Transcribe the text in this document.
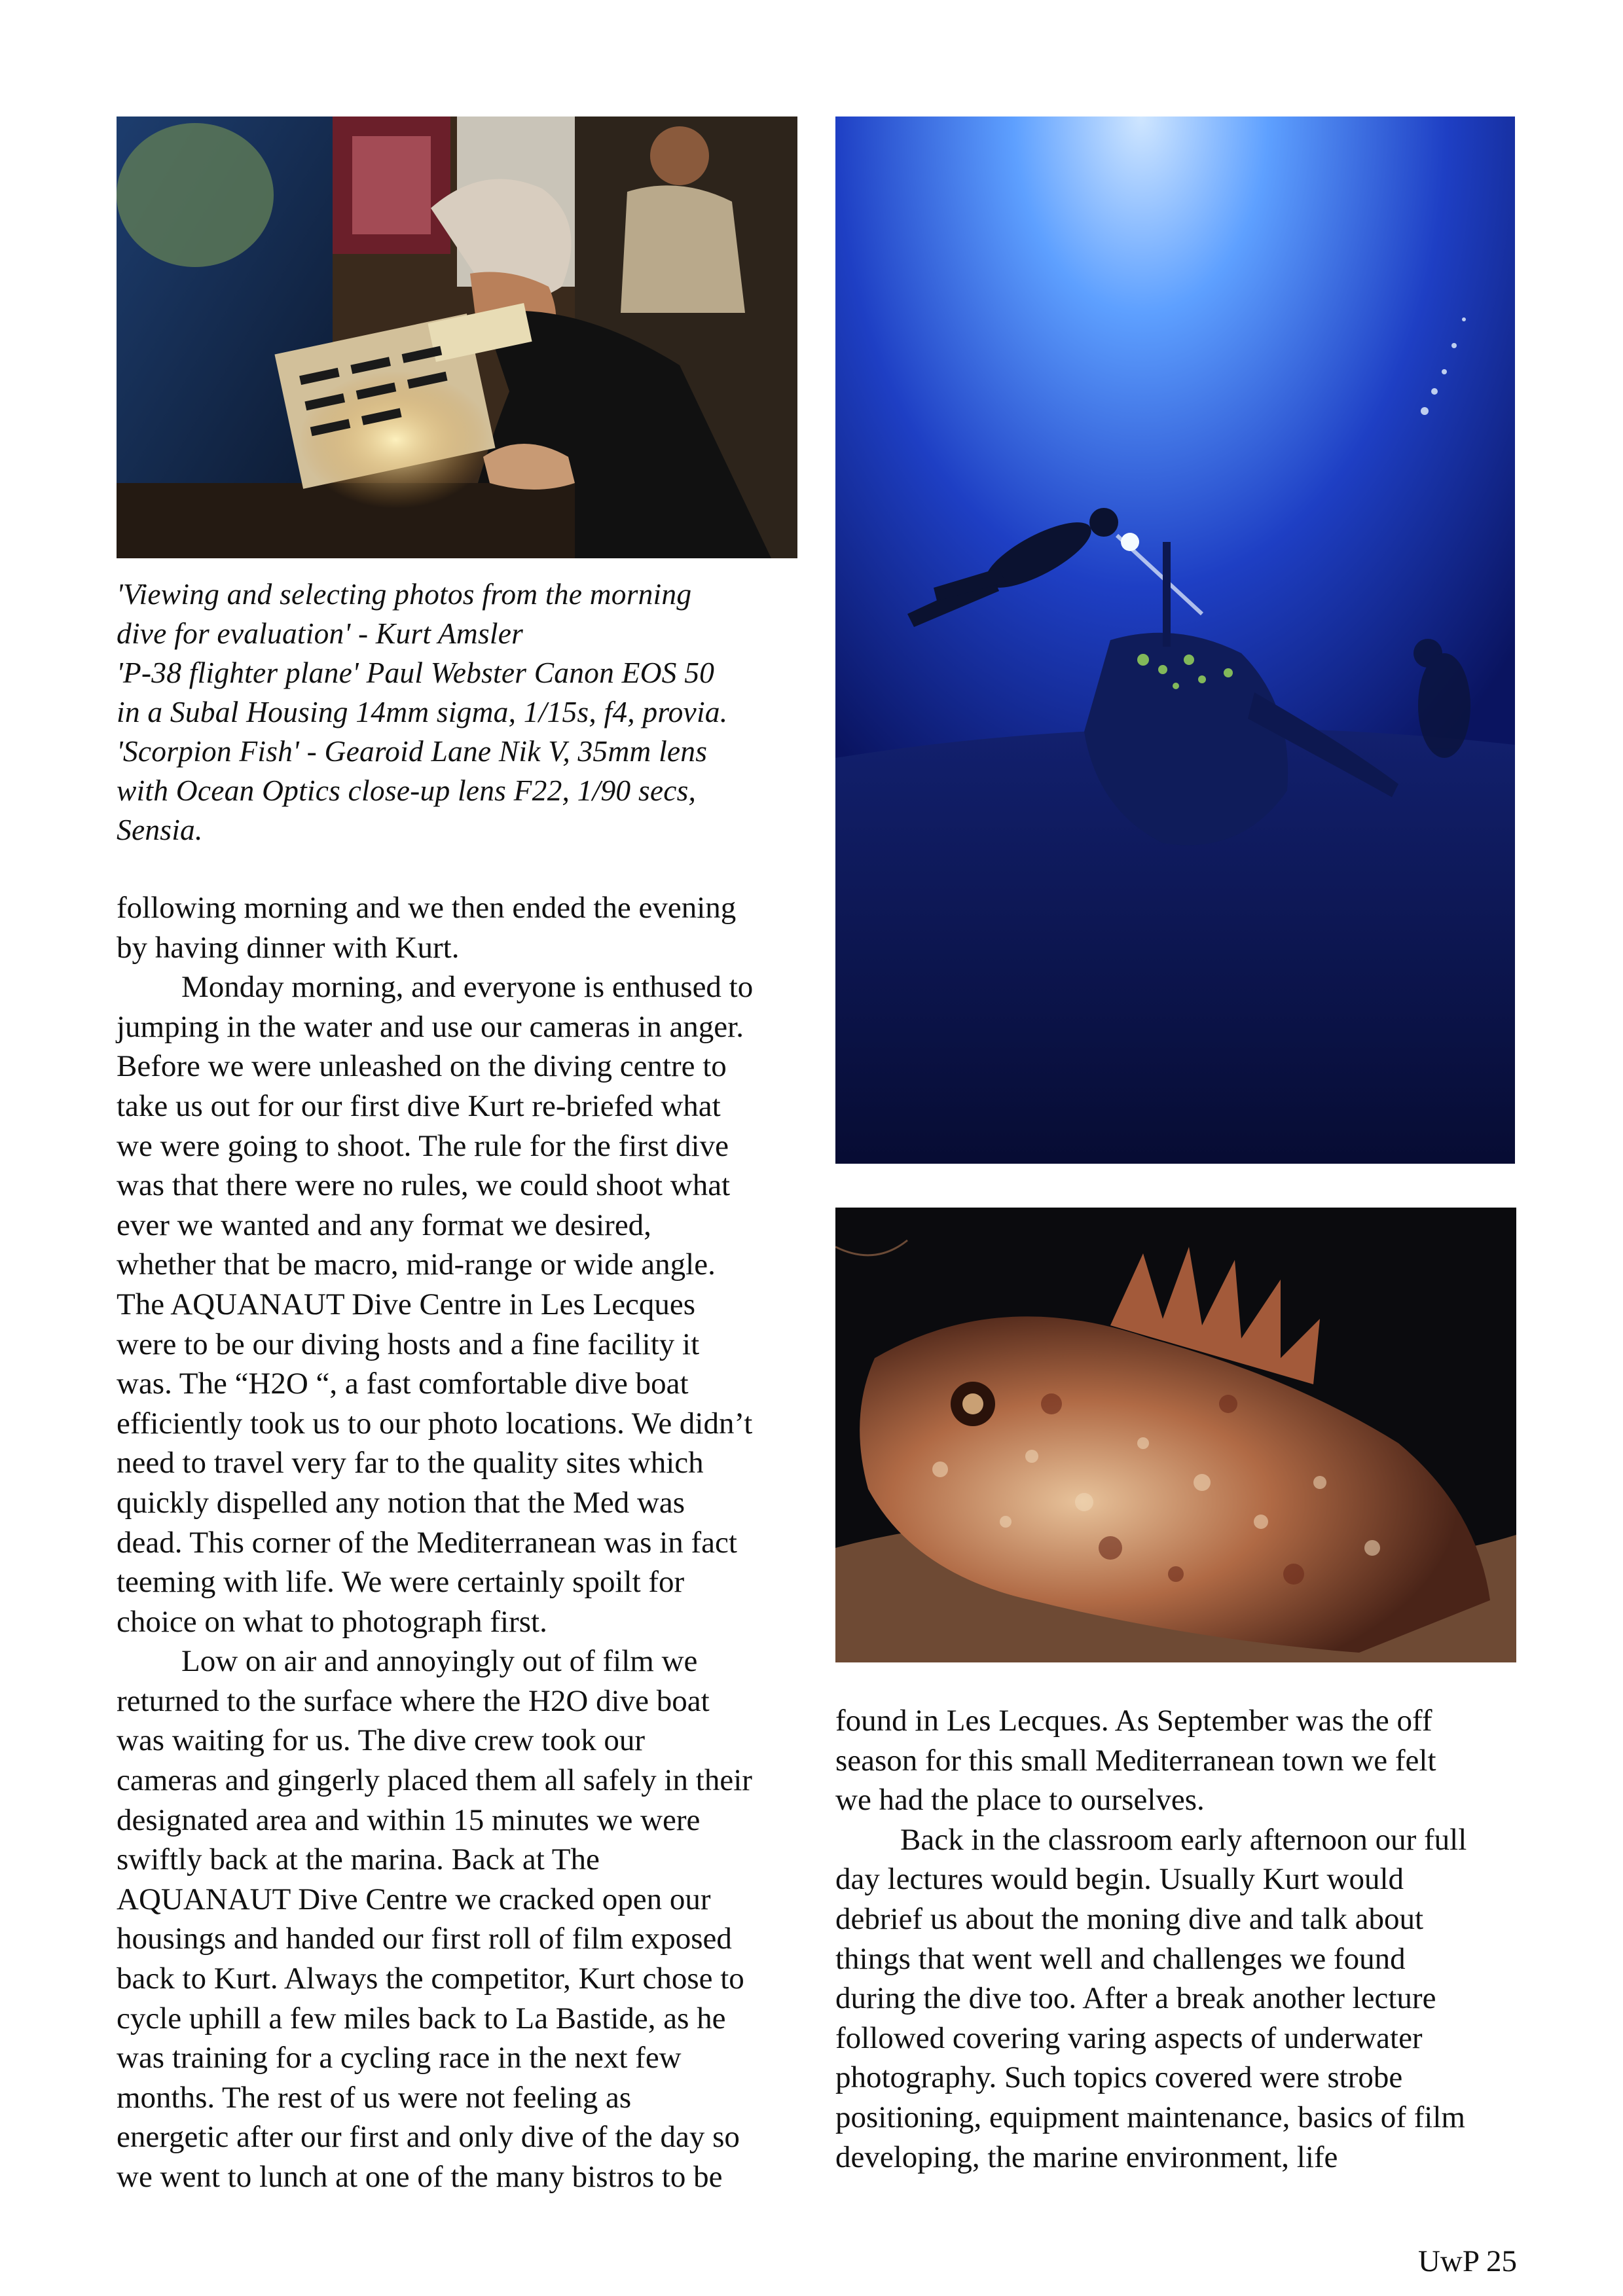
'Viewing and selecting photos from the morning
dive for evaluation' - Kurt Amsler
'P-38 flighter plane' Paul Webster Canon EOS 50
in a Subal Housing 14mm sigma, 1/15s, f4, provia.
'Scorpion Fish' - Gearoid Lane Nik V, 35mm lens
with Ocean Optics close-up lens F22, 1/90 secs,
Sensia.
following morning and we then ended the evening
by having dinner with Kurt.
Monday morning, and everyone is enthused to
jumping in the water and use our cameras in anger.
Before we were unleashed on the diving centre to
take us out for our first dive Kurt re-briefed what
we were going to shoot. The rule for the first dive
was that there were no rules, we could shoot what
ever we wanted and any format we desired,
whether that be macro, mid-range or wide angle.
The AQUANAUT Dive Centre in Les Lecques
were to be our diving hosts and a fine facility it
was. The “H2O “, a fast comfortable dive boat
efficiently took us to our photo locations. We didn’t
need to travel very far to the quality sites which
quickly dispelled any notion that the Med was
dead. This corner of the Mediterranean was in fact
teeming with life. We were certainly spoilt for
choice on what to photograph first.
Low on air and annoyingly out of film we
returned to the surface where the H2O dive boat
was waiting for us. The dive crew took our
cameras and gingerly placed them all safely in their
designated area and within 15 minutes we were
swiftly back at the marina. Back at The
AQUANAUT Dive Centre we cracked open our
housings and handed our first roll of film exposed
back to Kurt. Always the competitor, Kurt chose to
cycle uphill a few miles back to La Bastide, as he
was training for a cycling race in the next few
months. The rest of us were not feeling as
energetic after our first and only dive of the day so
we went to lunch at one of the many bistros to be
found in Les Lecques. As September was the off
season for this small Mediterranean town we felt
we had the place to ourselves.
Back in the classroom early afternoon our full
day lectures would begin. Usually Kurt would
debrief us about the moning dive and talk about
things that went well and challenges we found
during the dive too. After a break another lecture
followed covering varing aspects of underwater
photography. Such topics covered were strobe
positioning, equipment maintenance, basics of film
developing, the marine environment, life
UwP 25
